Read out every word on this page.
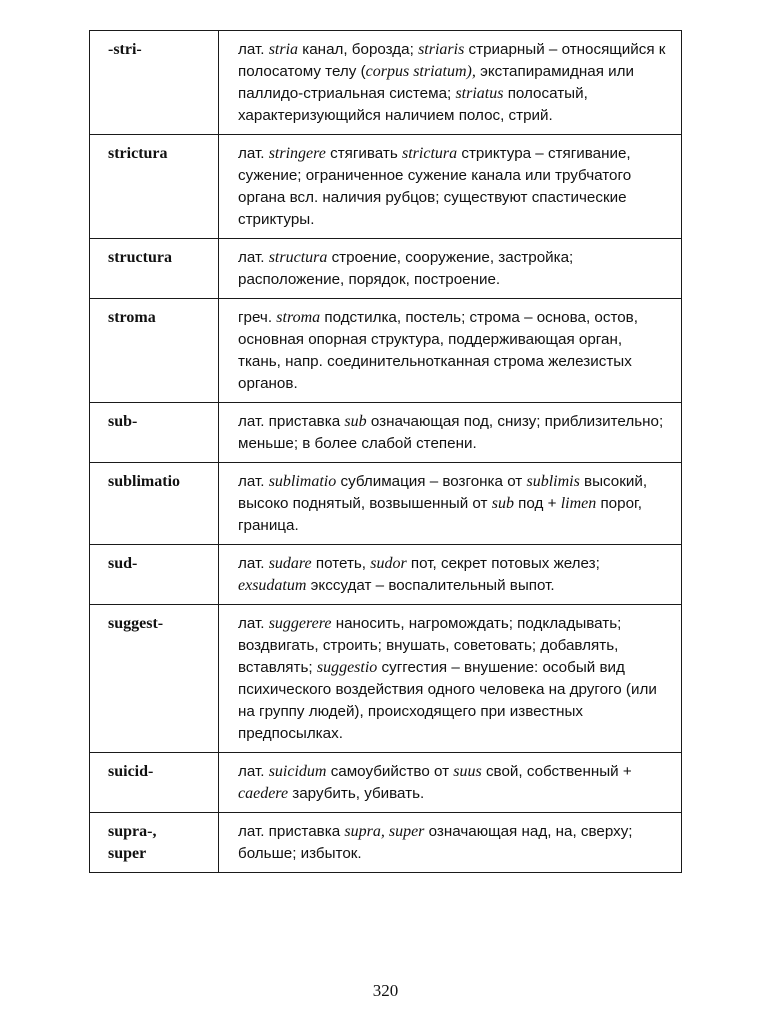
-stri-	лат. stria канал, борозда; striaris стриарный – относящийся к полосатому телу (corpus striatum), экстапирамидная или паллидо-стриальная система; striatus полосатый, характеризующийся наличием полос, стрий.

strictura	лат. stringere стягивать strictura стриктура – стягивание, сужение; ограниченное сужение канала или трубчатого органа всл. наличия рубцов; существуют спастические стриктуры.

structura	лат. structura строение, сооружение, застройка; расположение, порядок, построение.

stroma	греч. stroma подстилка, постель; строма – основа, остов, основная опорная структура, поддерживающая орган, ткань, напр. соединительнотканная строма железистых органов.

sub-	лат. приставка sub означающая под, снизу; приблизительно; меньше; в более слабой степени.

sublimatio	лат. sublimatio сублимация – возгонка от sublimis высокий, высоко поднятый, возвышенный от sub под + limen порог, граница.

sud-	лат. sudare потеть, sudor пот, секрет потовых желез; exsudatum экссудат – воспалительный выпот.

suggest-	лат. suggerere наносить, нагромождать; подкладывать; воздвигать, строить; внушать, советовать; добавлять, вставлять; suggestio суггестия – внушение: особый вид психического воздействия одного человека на другого (или на группу людей), происходящего при известных предпосылках.

suicid-	лат. suicidum самоубийство от suus свой, собственный + caedere зарубить, убивать.

supra-,
super	лат. приставка supra, super означающая над, на, сверху; больше; избыток.
320
